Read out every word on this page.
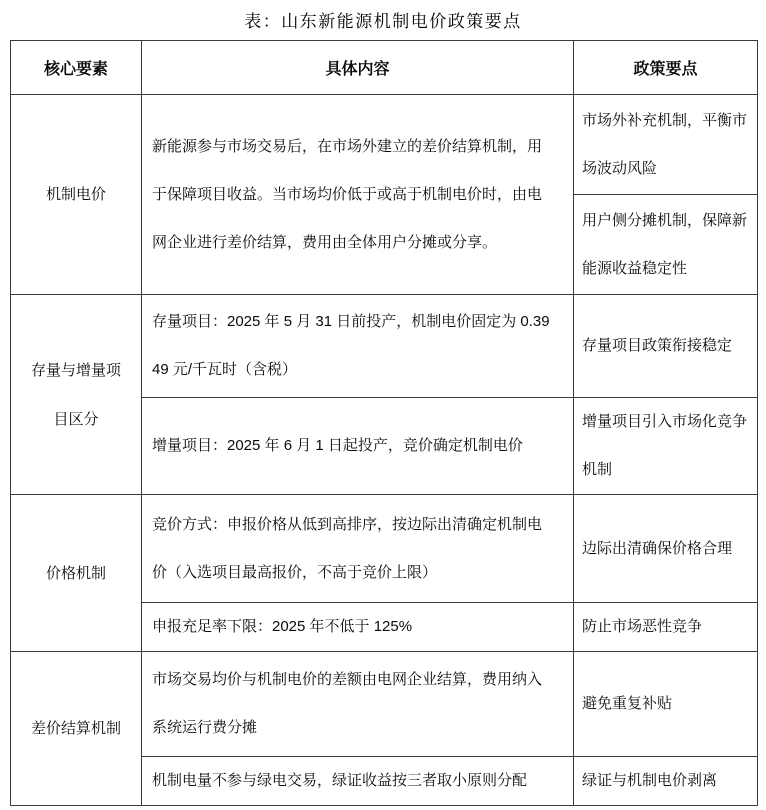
表：山东新能源机制电价政策要点
核心要素	具体内容	政策要点
机制电价	新能源参与市场交易后，在市场外建立的差价结算机制，用于保障项目收益。当市场均价低于或高于机制电价时，由电网企业进行差价结算，费用由全体用户分摊或分享。	市场外补充机制，平衡市场波动风险
		用户侧分摊机制，保障新能源收益稳定性
存量与增量项目区分	存量项目：2025 年 5 月 31 日前投产，机制电价固定为 0.3949 元/千瓦时（含税）	存量项目政策衔接稳定
	增量项目：2025 年 6 月 1 日起投产，竞价确定机制电价	增量项目引入市场化竞争机制
价格机制	竞价方式：申报价格从低到高排序，按边际出清确定机制电价（入选项目最高报价，不高于竞价上限）	边际出清确保价格合理
	申报充足率下限：2025 年不低于 125%	防止市场恶性竞争
差价结算机制	市场交易均价与机制电价的差额由电网企业结算，费用纳入系统运行费分摊	避免重复补贴
	机制电量不参与绿电交易，绿证收益按三者取小原则分配	绿证与机制电价剥离
